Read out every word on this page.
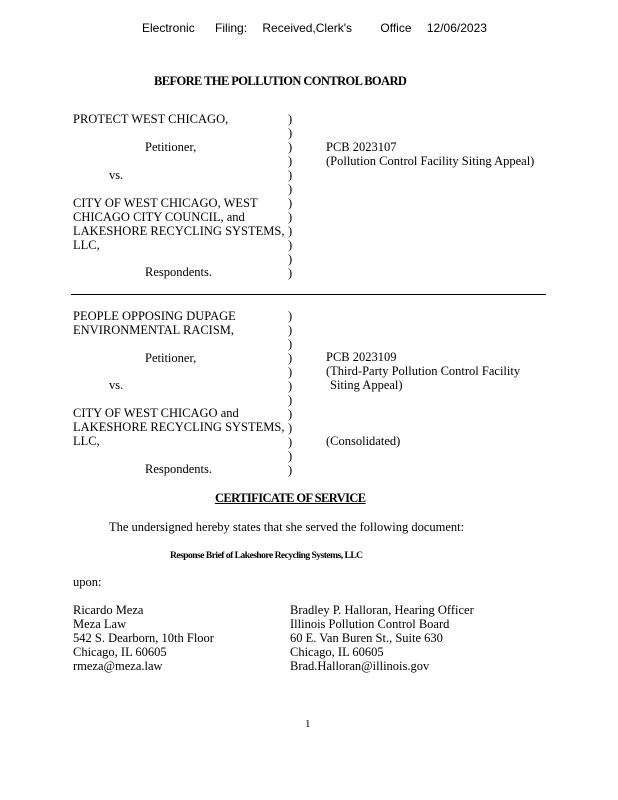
Electronic Filing: Received,Clerk's Office 12/06/2023
BEFORE THE POLLUTION CONTROL BOARD
PROTECT WEST CHICAGO,
Petitioner,
vs.
CITY OF WEST CHICAGO, WEST
CHICAGO CITY COUNCIL, and
LAKESHORE RECYCLING SYSTEMS,
LLC,
Respondents.
PCB 2023107
(Pollution Control Facility Siting Appeal)
)
)
)
)
)
)
)
)
)
)
)
)
PEOPLE OPPOSING DUPAGE
ENVIRONMENTAL RACISM,
Petitioner,
vs.
CITY OF WEST CHICAGO and
LAKESHORE RECYCLING SYSTEMS,
LLC,
Respondents.
PCB 2023109
(Third-Party Pollution Control Facility
Siting Appeal)
(Consolidated)
)
)
)
)
)
)
)
)
)
)
)
)
CERTIFICATE OF SERVICE
The undersigned hereby states that she served the following document:
Response Brief of Lakeshore Recycling Systems, LLC
upon:
Ricardo Meza
Meza Law
542 S. Dearborn, 10th Floor
Chicago, IL 60605
rmeza@meza.law
Bradley P. Halloran, Hearing Officer
Illinois Pollution Control Board
60 E. Van Buren St., Suite 630
Chicago, IL 60605
Brad.Halloran@illinois.gov
1
